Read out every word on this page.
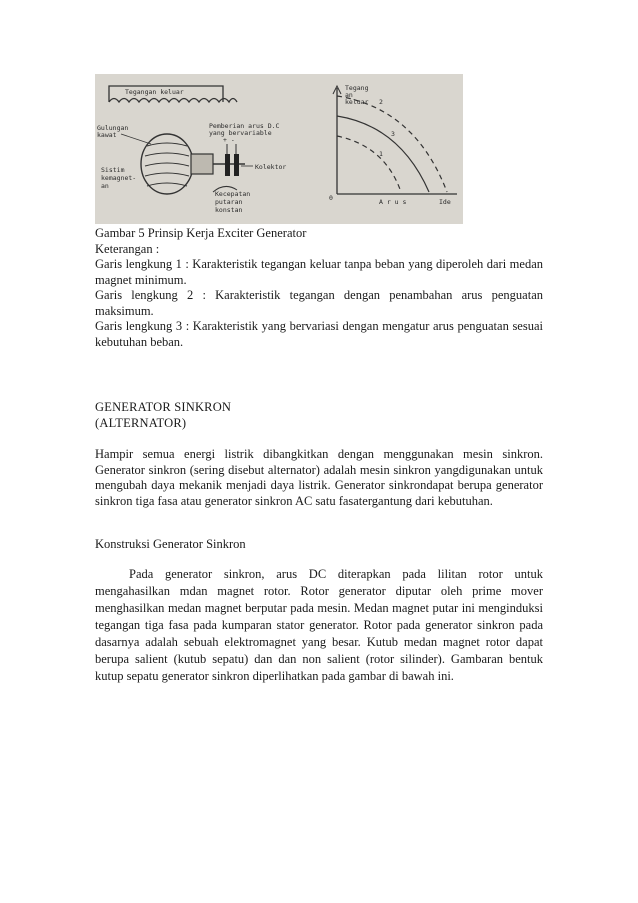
Tegangan keluar
Gulungan
kawat
+ -
Pemberian arus D.C
yang bervariable
Kolektor
Sistim
kemagnet-
an
Kecepatan
putaran
konstan
Tegang
an
keluar
0	A r u s	Ide
2
3
1

Gambar 5 Prinsip Kerja Exciter Generator

Keterangan :

Garis lengkung 1 : Karakteristik tegangan keluar tanpa beban yang diperoleh dari medan magnet minimum.

Garis lengkung 2 : Karakteristik tegangan dengan penambahan arus penguatan maksimum.

Garis lengkung 3 : Karakteristik yang bervariasi dengan mengatur arus penguatan sesuai kebutuhan beban.

GENERATOR SINKRON

(ALTERNATOR)

Hampir semua energi listrik dibangkitkan dengan menggunakan mesin sinkron. Generator sinkron (sering disebut alternator) adalah mesin sinkron yangdigunakan untuk mengubah daya mekanik menjadi daya listrik. Generator sinkrondapat berupa generator sinkron tiga fasa atau generator sinkron AC satu fasatergantung dari kebutuhan.

Konstruksi Generator Sinkron

Pada generator sinkron, arus DC diterapkan pada lilitan rotor untuk mengahasilkan mdan magnet rotor. Rotor generator diputar oleh prime mover menghasilkan medan magnet berputar pada mesin. Medan magnet putar ini menginduksi tegangan tiga fasa pada kumparan stator generator. Rotor pada generator sinkron pada dasarnya adalah sebuah elektromagnet yang besar. Kutub medan magnet rotor dapat berupa salient (kutub sepatu) dan dan non salient (rotor silinder). Gambaran bentuk kutup sepatu generator sinkron diperlihatkan pada gambar di bawah ini.
